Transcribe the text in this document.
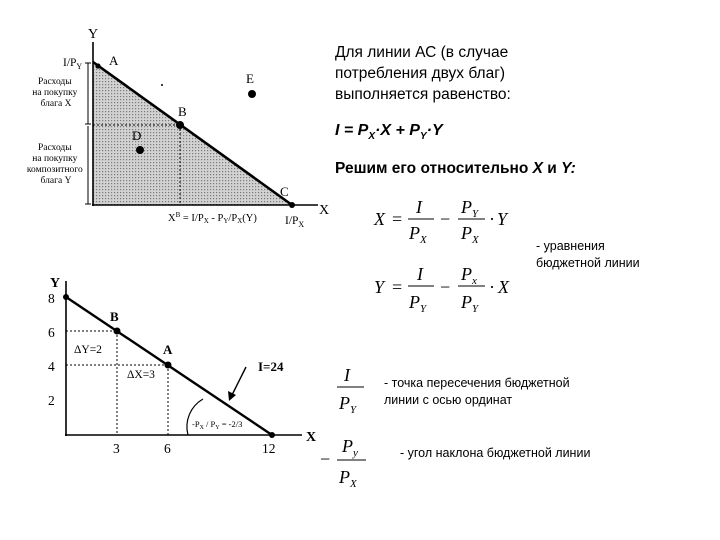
Y
X
$I/P_Y$
$I/P_X$
A
B
C
D
E
Расходы на покупку блага X
Расходы на покупку композитного блага Y
$X^B = I/PX - PY/PX(Y)$
Y
X
8
6
4
2
3	6	12
B
A
ΔY=2
ΔX=3
I=24
$-P_X / P_Y = -2/3$
Для линии АС (в случае
потребления двух благ)
выполняется равенство:
$I = P_X\cdot X + P_Y\cdot Y$
Решим его относительно X и Y:
X =
I
$P_X$
−
$P_Y$
$P_X$
· Y
Y =
I
$P_Y$
−
$P_x$
$P_Y$
· X
- уравнения
бюджетной линии
I
$P_Y$
- точка пересечения бюджетной
линии с осью ординат
−
$P_y$
$P_X$
- угол наклона бюджетной линии
